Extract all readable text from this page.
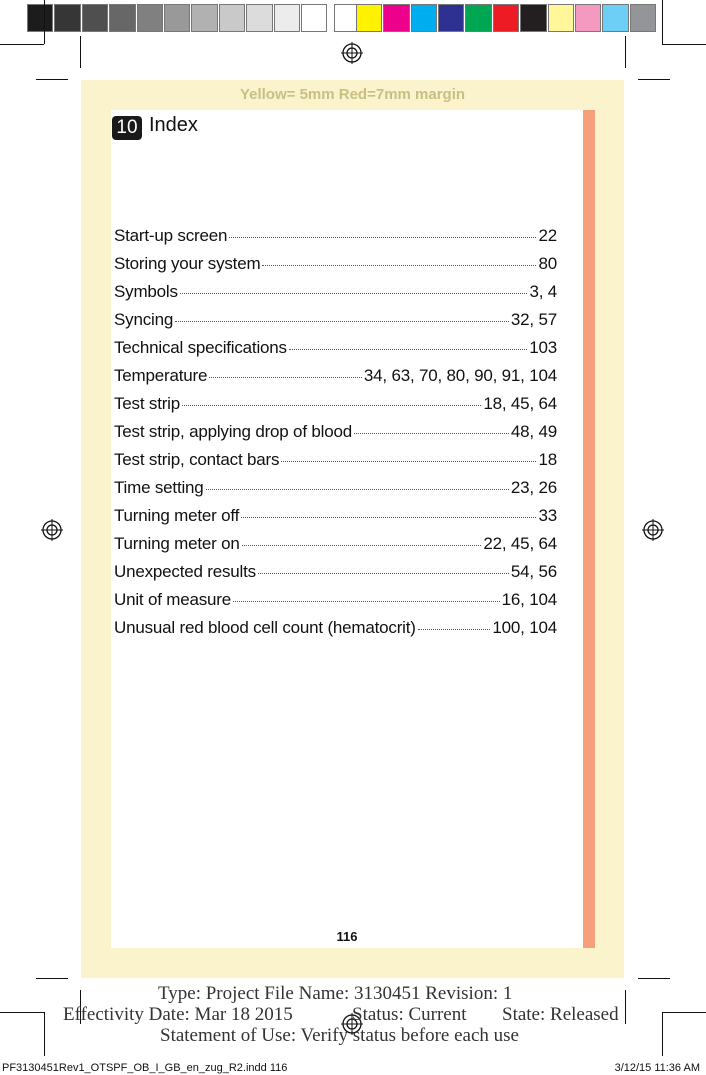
Yellow= 5mm Red=7mm margin
10 Index
Start-up screen	22
Storing your system	80
Symbols	3, 4
Syncing	32, 57
Technical specifications	103
Temperature	34, 63, 70, 80, 90, 91, 104
Test strip	18, 45, 64
Test strip, applying drop of blood	48, 49
Test strip, contact bars	18
Time setting	23, 26
Turning meter off	33
Turning meter on	22, 45, 64
Unexpected results	54, 56
Unit of measure	16, 104
Unusual red blood cell count (hematocrit)	100, 104
116
Type: Project File Name: 3130451 Revision: 1
Effectivity Date: Mar 18 2015	Status: Current State: Released
Statement of Use: Verify status before each use
PF3130451Rev1_OTSPF_OB_I_GB_en_zug_R2.indd 116	3/12/15 11:36 AM
